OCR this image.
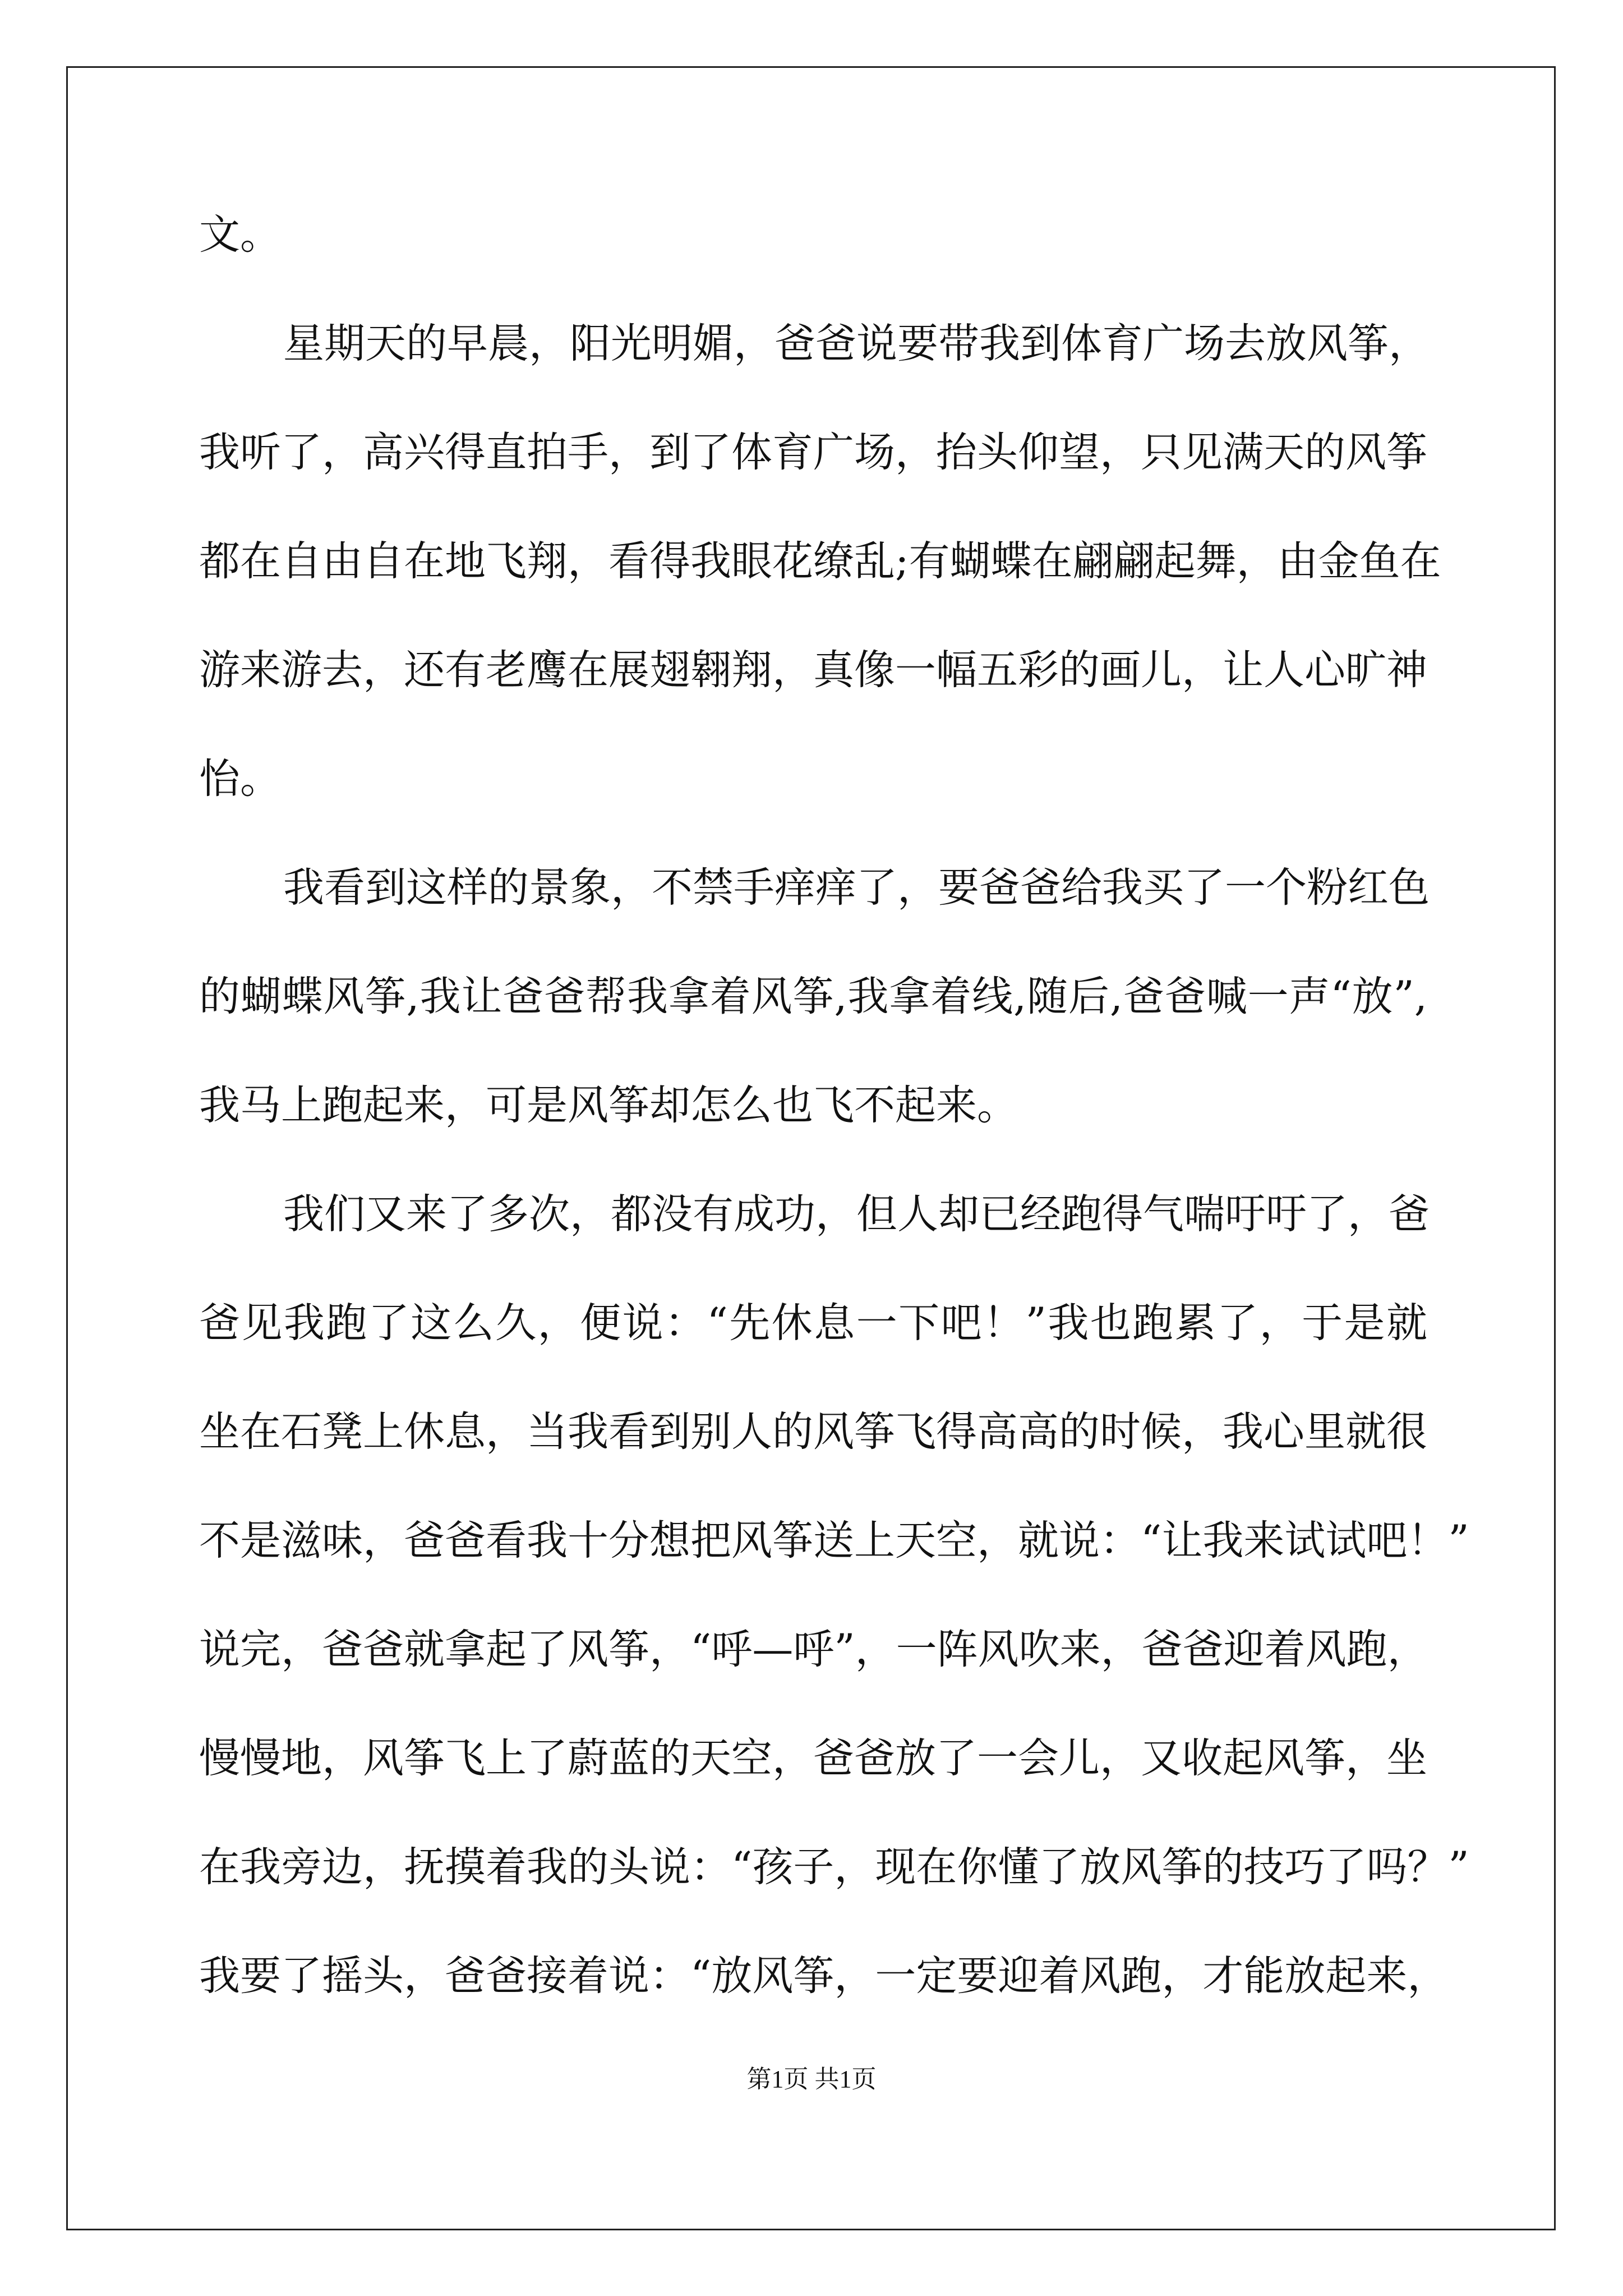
文。
星期天的早晨，阳光明媚，爸爸说要带我到体育广场去放风筝，
我听了，高兴得直拍手，到了体育广场，抬头仰望，只见满天的风筝
都在自由自在地飞翔，看得我眼花缭乱;有蝴蝶在翩翩起舞，由金鱼在
游来游去，还有老鹰在展翅翱翔，真像一幅五彩的画儿，让人心旷神
怡。
我看到这样的景象，不禁手痒痒了，要爸爸给我买了一个粉红色
的蝴蝶风筝,我让爸爸帮我拿着风筝,我拿着线,随后,爸爸喊一声“放”,
我马上跑起来，可是风筝却怎么也飞不起来。
我们又来了多次，都没有成功，但人却已经跑得气喘吁吁了，爸
爸见我跑了这么久，便说：“先休息一下吧！”我也跑累了，于是就
坐在石凳上休息，当我看到别人的风筝飞得高高的时候，我心里就很
不是滋味，爸爸看我十分想把风筝送上天空，就说：“让我来试试吧！”
说完，爸爸就拿起了风筝，“呼—呼”，一阵风吹来，爸爸迎着风跑，
慢慢地，风筝飞上了蔚蓝的天空，爸爸放了一会儿，又收起风筝，坐
在我旁边，抚摸着我的头说：“孩子，现在你懂了放风筝的技巧了吗？”
我要了摇头，爸爸接着说：“放风筝，一定要迎着风跑，才能放起来，
第1页 共1页
